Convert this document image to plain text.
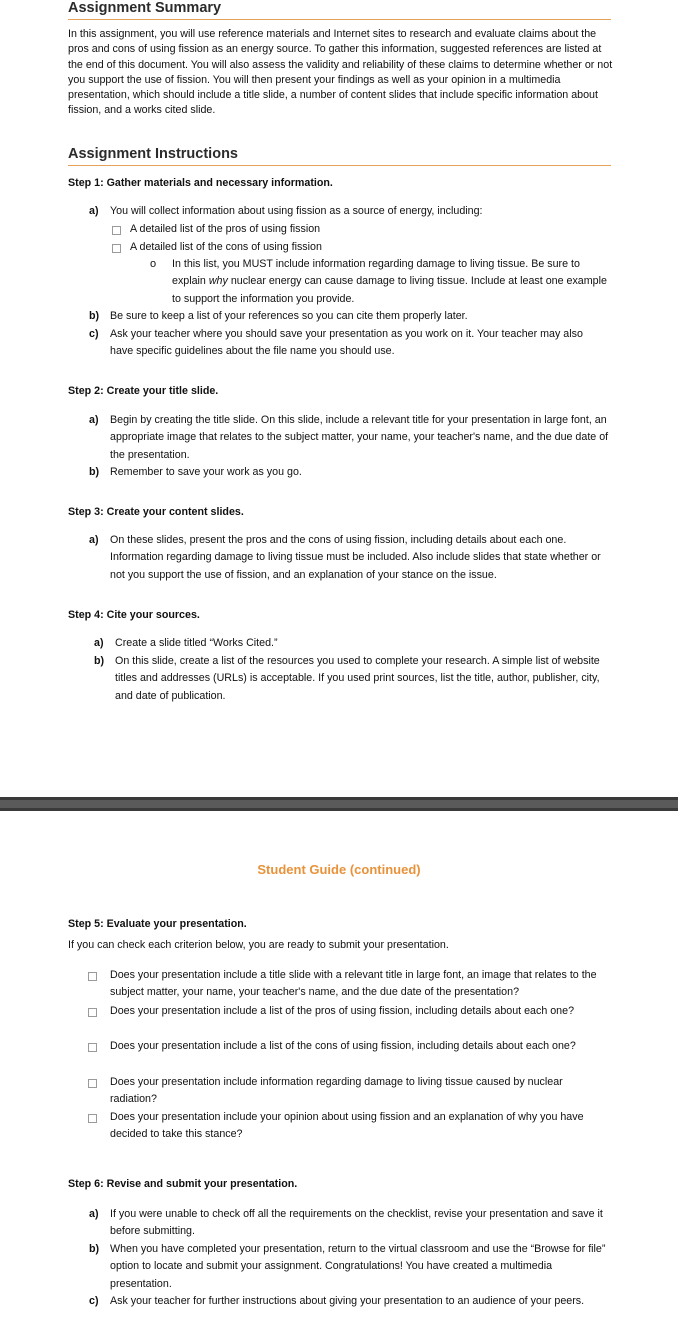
Assignment Summary

In this assignment, you will use reference materials and Internet sites to research and evaluate claims about the pros and cons of using fission as an energy source. To gather this information, suggested references are listed at the end of this document. You will also assess the validity and reliability of these claims to determine whether or not you support the use of fission. You will then present your findings as well as your opinion in a multimedia presentation, which should include a title slide, a number of content slides that include specific information about fission, and a works cited slide.

Assignment Instructions
Step 1: Gather materials and necessary information.
a) You will collect information about using fission as a source of energy, including:
A detailed list of the pros of using fission
A detailed list of the cons of using fission
o In this list, you MUST include information regarding damage to living tissue. Be sure to explain why nuclear energy can cause damage to living tissue. Include at least one example to support the information you provide.
b) Be sure to keep a list of your references so you can cite them properly later.
c) Ask your teacher where you should save your presentation as you work on it. Your teacher may also have specific guidelines about the file name you should use.
Step 2: Create your title slide.
a) Begin by creating the title slide. On this slide, include a relevant title for your presentation in large font, an appropriate image that relates to the subject matter, your name, your teacher's name, and the due date of the presentation.
b) Remember to save your work as you go.
Step 3: Create your content slides.
a) On these slides, present the pros and the cons of using fission, including details about each one. Information regarding damage to living tissue must be included. Also include slides that state whether or not you support the use of fission, and an explanation of your stance on the issue.
Step 4: Cite your sources.
a) Create a slide titled “Works Cited.”
b) On this slide, create a list of the resources you used to complete your research. A simple list of website titles and addresses (URLs) is acceptable. If you used print sources, list the title, author, publisher, city, and date of publication.
Student Guide (continued)
Step 5: Evaluate your presentation.
If you can check each criterion below, you are ready to submit your presentation.
Does your presentation include a title slide with a relevant title in large font, an image that relates to the subject matter, your name, your teacher's name, and the due date of the presentation?
Does your presentation include a list of the pros of using fission, including details about each one?
Does your presentation include a list of the cons of using fission, including details about each one?
Does your presentation include information regarding damage to living tissue caused by nuclear radiation?
Does your presentation include your opinion about using fission and an explanation of why you have decided to take this stance?
Step 6: Revise and submit your presentation.
a) If you were unable to check off all the requirements on the checklist, revise your presentation and save it before submitting.
b) When you have completed your presentation, return to the virtual classroom and use the “Browse for file” option to locate and submit your assignment. Congratulations! You have created a multimedia presentation.
c) Ask your teacher for further instructions about giving your presentation to an audience of your peers.
